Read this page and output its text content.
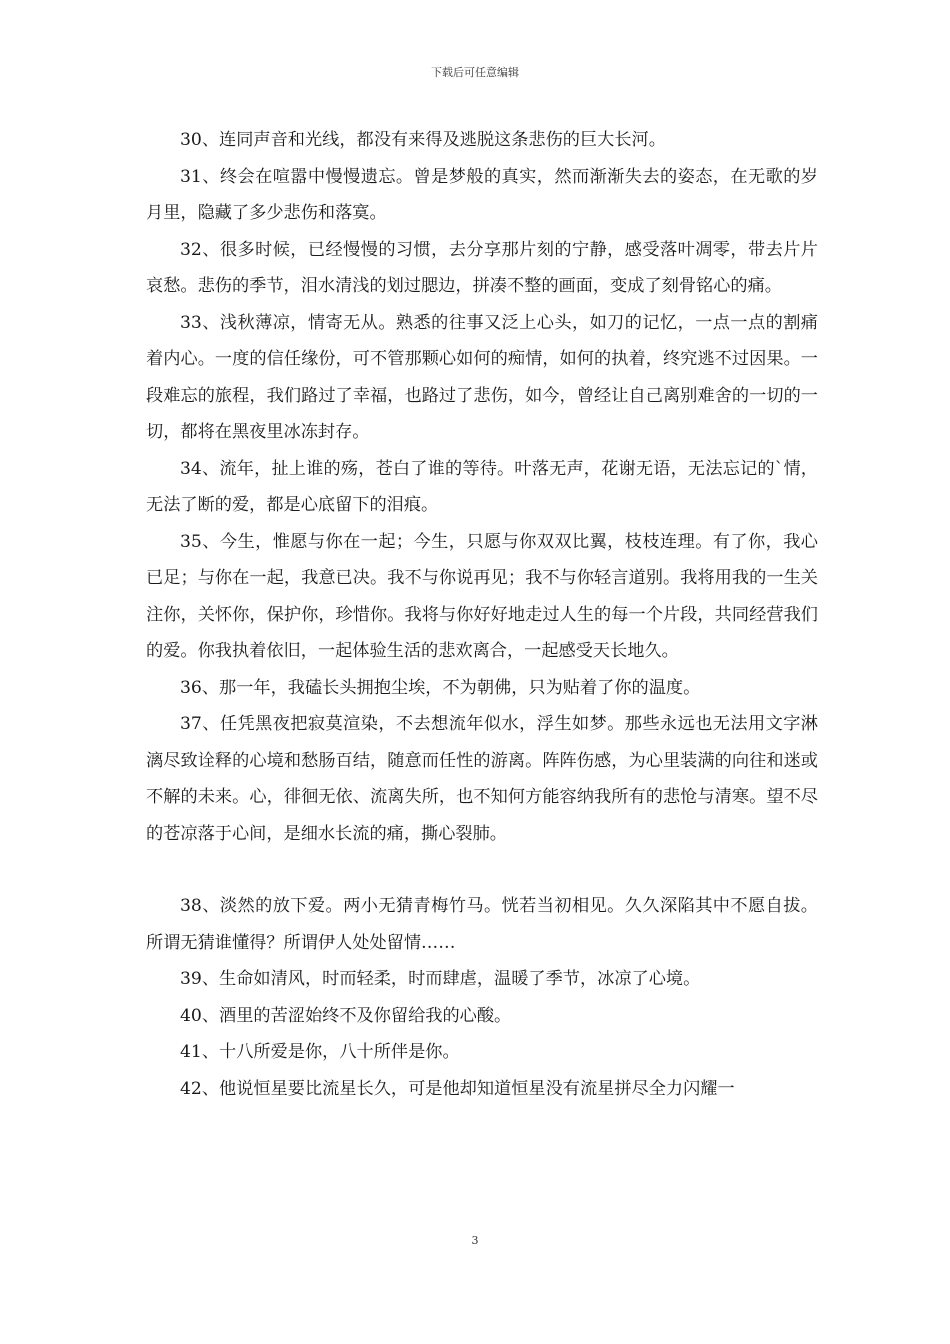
下载后可任意编辑

30、连同声音和光线，都没有来得及逃脱这条悲伤的巨大长河。

31、终会在喧嚣中慢慢遗忘。曾是梦般的真实，然而渐渐失去的姿态，在无歌的岁月里，隐藏了多少悲伤和落寞。

32、很多时候，已经慢慢的习惯，去分享那片刻的宁静，感受落叶凋零，带去片片哀愁。悲伤的季节，泪水清浅的划过腮边，拼凑不整的画面，变成了刻骨铭心的痛。

33、浅秋薄凉，情寄无从。熟悉的往事又泛上心头，如刀的记忆，一点一点的割痛着内心。一度的信任缘份，可不管那颗心如何的痴情，如何的执着，终究逃不过因果。一段难忘的旅程，我们路过了幸福，也路过了悲伤，如今，曾经让自己离别难舍的一切的一切，都将在黑夜里冰冻封存。

34、流年，扯上谁的殇，苍白了谁的等待。叶落无声，花谢无语，无法忘记的`情，无法了断的爱，都是心底留下的泪痕。

35、今生，惟愿与你在一起；今生，只愿与你双双比翼，枝枝连理。有了你，我心已足；与你在一起，我意已决。我不与你说再见；我不与你轻言道别。我将用我的一生关注你，关怀你，保护你，珍惜你。我将与你好好地走过人生的每一个片段，共同经营我们的爱。你我执着依旧，一起体验生活的悲欢离合，一起感受天长地久。

36、那一年，我磕长头拥抱尘埃，不为朝佛，只为贴着了你的温度。

37、任凭黑夜把寂莫渲染，不去想流年似水，浮生如梦。那些永远也无法用文字淋漓尽致诠释的心境和愁肠百结，随意而任性的游离。阵阵伤感，为心里装满的向往和迷或不解的未来。心，徘徊无依、流离失所，也不知何方能容纳我所有的悲怆与清寒。望不尽的苍凉落于心间，是细水长流的痛，撕心裂肺。

38、淡然的放下爱。两小无猜青梅竹马。恍若当初相见。久久深陷其中不愿自拔。所谓无猜谁懂得？所谓伊人处处留情……

39、生命如清风，时而轻柔，时而肆虐，温暖了季节，冰凉了心境。

40、酒里的苦涩始终不及你留给我的心酸。

41、十八所爱是你，八十所伴是你。

42、他说恒星要比流星长久，可是他却知道恒星没有流星拼尽全力闪耀一

3
